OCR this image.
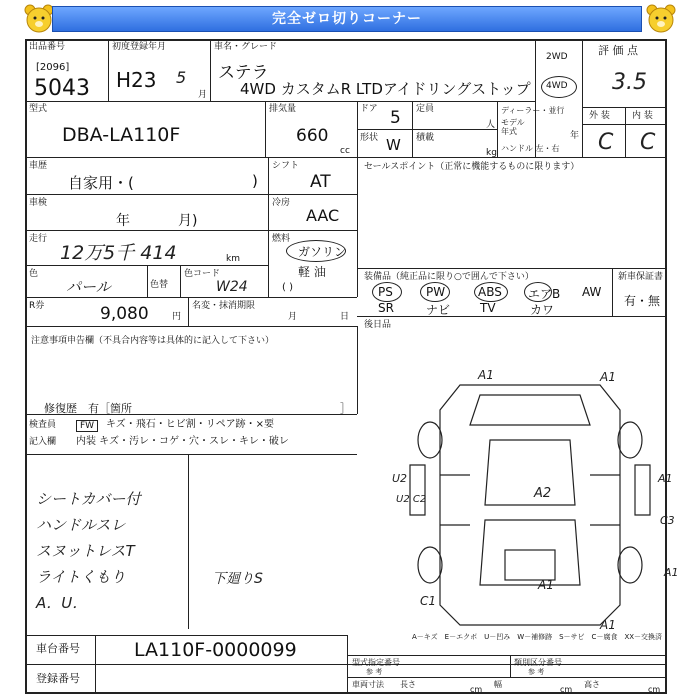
完全ゼロ切りコーナー
出品番号
[2096]
5043
初度登録年月
H23 5
月
車名・グレード
ステラ
4WD カスタムR LTDアイドリングストップ
2WD
4WD
評 価 点
3.5
外 装 内 装
C C
型式
DBA-LA110F
排気量
660
cc
ドア 5 定員
人
形状 W 積載
kg
ディーラー・並行
モデル
年式	年
ハンドル 左・右
車歴
自家用・(	)
車検
年	月)
走行
12万5千 414	km
色
パール	色替
色コード
W24
シフト
AT
冷房
AAC
燃料
ガソリン
軽 油
( )
R券	9,080	円
名変・抹消期限
月	日
セールスポイント（正常に機能するものに限ります）
装備品（純正品に限り○で囲んで下さい）	新車保証書
有・無
PS	PW	ABS エアB AW
SR	ナビ TV	カワ
後日品
注意事項申告欄（不具合内容等は具体的に記入して下さい）
修復歴　有［箇所	］
検査員
記入欄
FW	キズ・飛石・ヒビ割・リペア跡・×要
内装 キズ・汚レ・コゲ・穴・スレ・キレ・破レ
シートカバー付
ハンドルスレ
スヌットレスT
ライトくもり
A．U．
下廻りS
A1	A1
U2
U2 C2	A2
A1
C3
A1
C1
A1
A1
A－キズ　E－エクボ　U－凹み　W－補修跡　S－サビ　C－腐食　XX－交換済
車台番号	LA110F-0000099
登録番号
型式指定番号
参 考
類別区分番号
参 考
車両寸法 長さ
cm
幅
cm
高さ
cm
